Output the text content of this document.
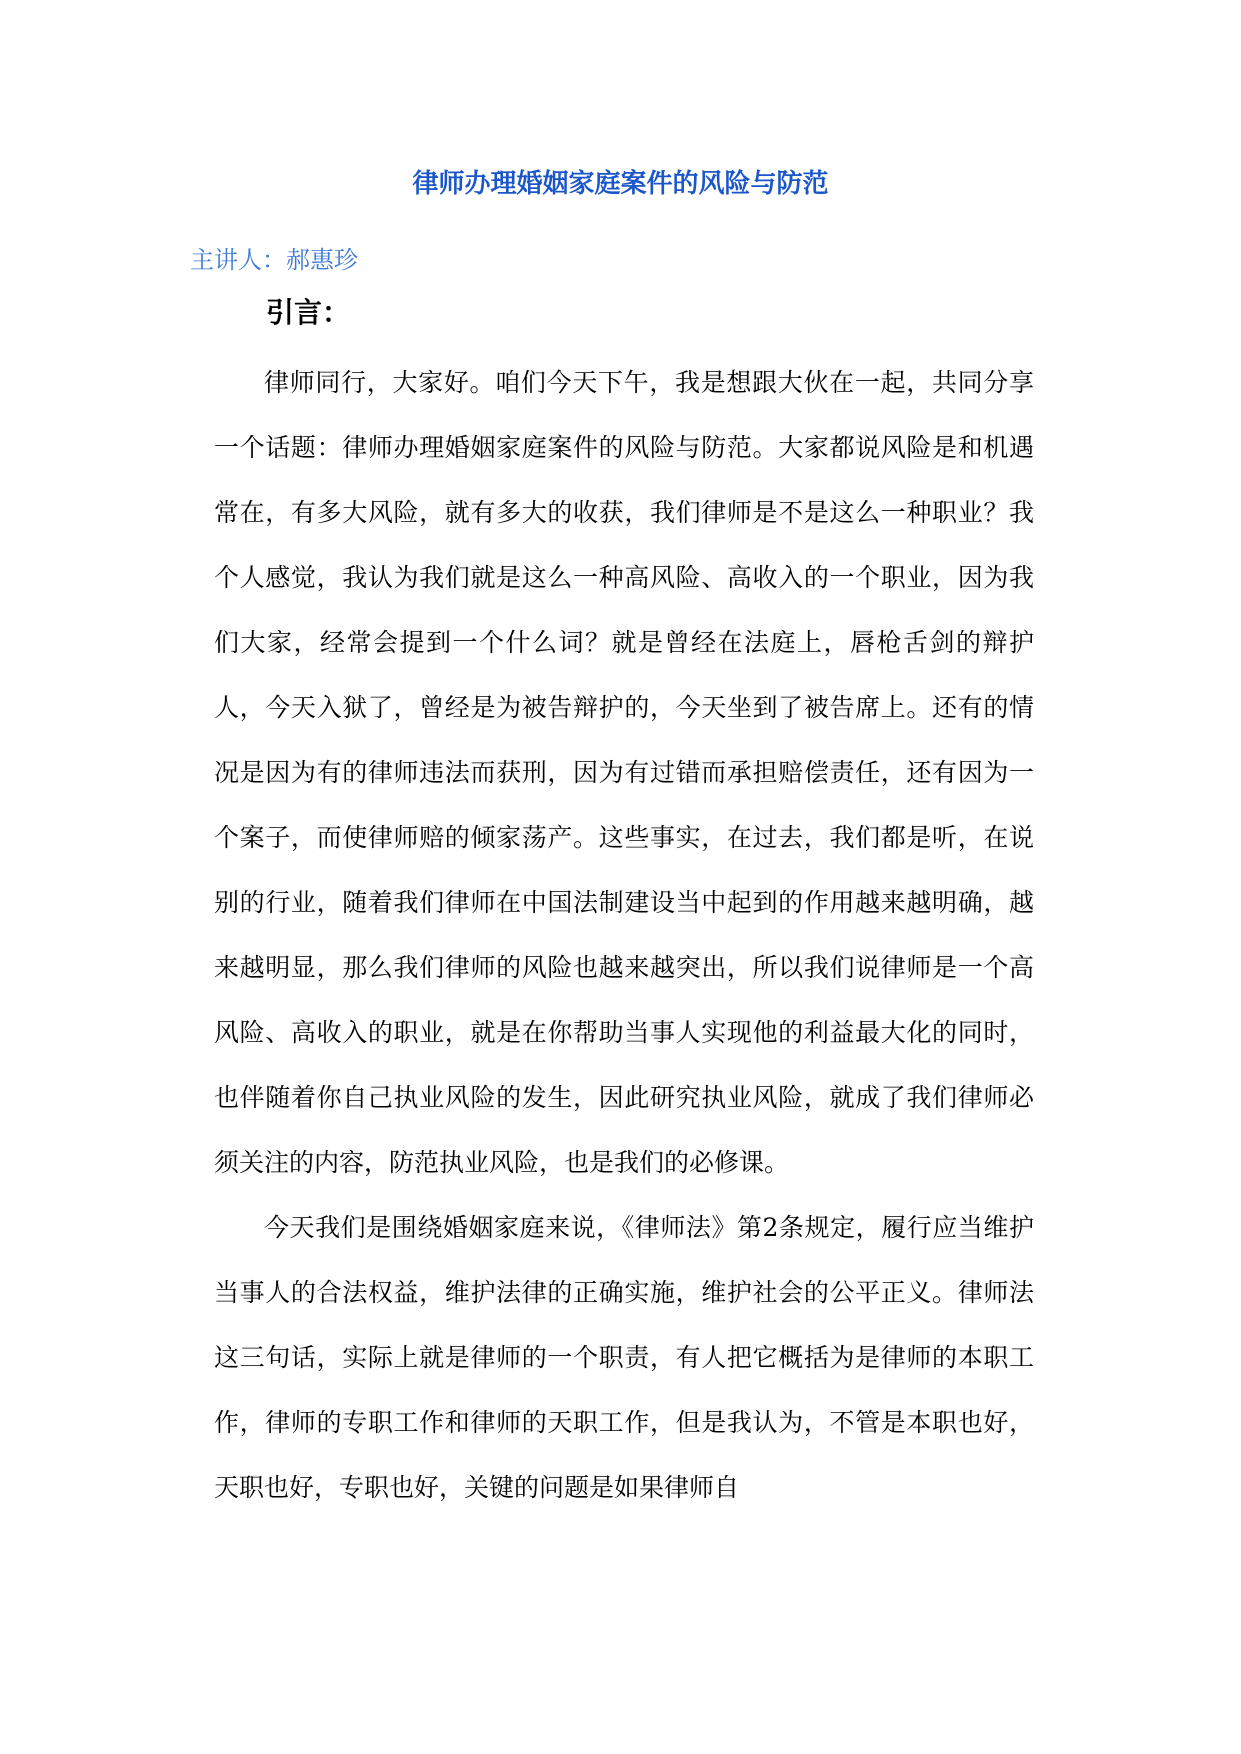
律师办理婚姻家庭案件的风险与防范

主讲人：郝惠珍

引言：

律师同行，大家好。咱们今天下午，我是想跟大伙在一起，共同分享一个话题：律师办理婚姻家庭案件的风险与防范。大家都说风险是和机遇常在，有多大风险，就有多大的收获，我们律师是不是这么一种职业？我个人感觉，我认为我们就是这么一种高风险、高收入的一个职业，因为我们大家，经常会提到一个什么词？就是曾经在法庭上，唇枪舌剑的辩护人，今天入狱了，曾经是为被告辩护的，今天坐到了被告席上。还有的情况是因为有的律师违法而获刑，因为有过错而承担赔偿责任，还有因为一个案子，而使律师赔的倾家荡产。这些事实，在过去，我们都是听，在说别的行业，随着我们律师在中国法制建设当中起到的作用越来越明确，越来越明显，那么我们律师的风险也越来越突出，所以我们说律师是一个高风险、高收入的职业，就是在你帮助当事人实现他的利益最大化的同时，也伴随着你自己执业风险的发生，因此研究执业风险，就成了我们律师必须关注的内容，防范执业风险，也是我们的必修课。

今天我们是围绕婚姻家庭来说，《律师法》第2条规定，履行应当维护当事人的合法权益，维护法律的正确实施，维护社会的公平正义。律师法这三句话，实际上就是律师的一个职责，有人把它概括为是律师的本职工作，律师的专职工作和律师的天职工作，但是我认为，不管是本职也好，天职也好，专职也好，关键的问题是如果律师自
